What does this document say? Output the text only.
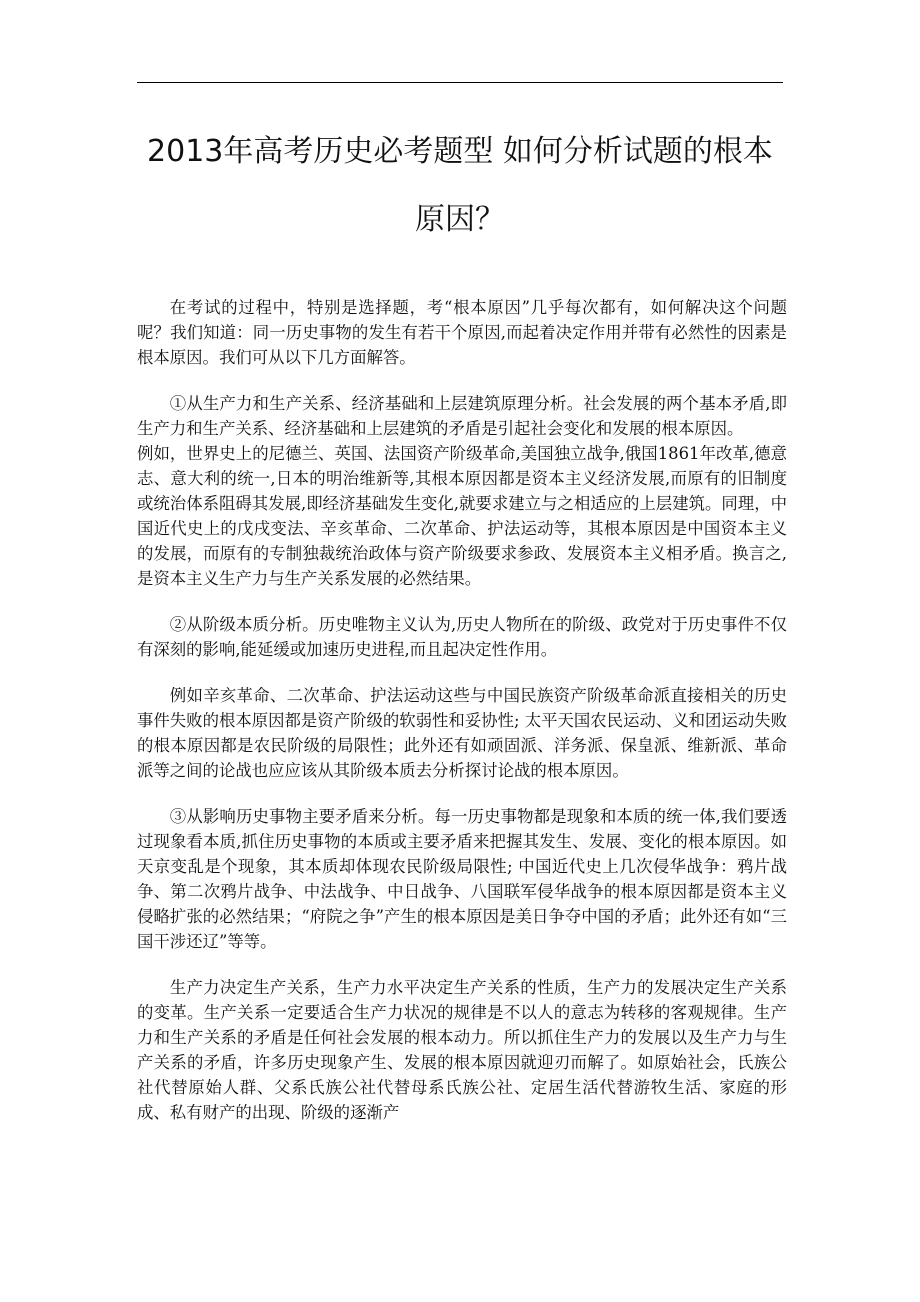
2013年高考历史必考题型 如何分析试题的根本
原因？

在考试的过程中，特别是选择题，考“根本原因”几乎每次都有，如何解决这个问题呢？我们知道：同一历史事物的发生有若干个原因,而起着决定作用并带有必然性的因素是根本原因。我们可从以下几方面解答。

①从生产力和生产关系、经济基础和上层建筑原理分析。社会发展的两个基本矛盾,即生产力和生产关系、经济基础和上层建筑的矛盾是引起社会变化和发展的根本原因。

例如，世界史上的尼德兰、英国、法国资产阶级革命,美国独立战争,俄国1861年改革,德意志、意大利的统一,日本的明治维新等,其根本原因都是资本主义经济发展,而原有的旧制度或统治体系阻碍其发展,即经济基础发生变化,就要求建立与之相适应的上层建筑。同理，中国近代史上的戊戌变法、辛亥革命、二次革命、护法运动等，其根本原因是中国资本主义的发展，而原有的专制独裁统治政体与资产阶级要求参政、发展资本主义相矛盾。换言之,是资本主义生产力与生产关系发展的必然结果。

②从阶级本质分析。历史唯物主义认为,历史人物所在的阶级、政党对于历史事件不仅有深刻的影响,能延缓或加速历史进程,而且起决定性作用。

例如辛亥革命、二次革命、护法运动这些与中国民族资产阶级革命派直接相关的历史事件失败的根本原因都是资产阶级的软弱性和妥协性; 太平天国农民运动、义和团运动失败的根本原因都是农民阶级的局限性；此外还有如顽固派、洋务派、保皇派、维新派、革命派等之间的论战也应应该从其阶级本质去分析探讨论战的根本原因。

③从影响历史事物主要矛盾来分析。每一历史事物都是现象和本质的统一体,我们要透过现象看本质,抓住历史事物的本质或主要矛盾来把握其发生、发展、变化的根本原因。如天京变乱是个现象，其本质却体现农民阶级局限性; 中国近代史上几次侵华战争：鸦片战争、第二次鸦片战争、中法战争、中日战争、八国联军侵华战争的根本原因都是资本主义侵略扩张的必然结果；“府院之争”产生的根本原因是美日争夺中国的矛盾；此外还有如“三国干涉还辽”等等。

生产力决定生产关系，生产力水平决定生产关系的性质，生产力的发展决定生产关系的变革。生产关系一定要适合生产力状况的规律是不以人的意志为转移的客观规律。生产力和生产关系的矛盾是任何社会发展的根本动力。所以抓住生产力的发展以及生产力与生产关系的矛盾，许多历史现象产生、发展的根本原因就迎刃而解了。如原始社会，氏族公社代替原始人群、父系氏族公社代替母系氏族公社、定居生活代替游牧生活、家庭的形成、私有财产的出现、阶级的逐渐产
